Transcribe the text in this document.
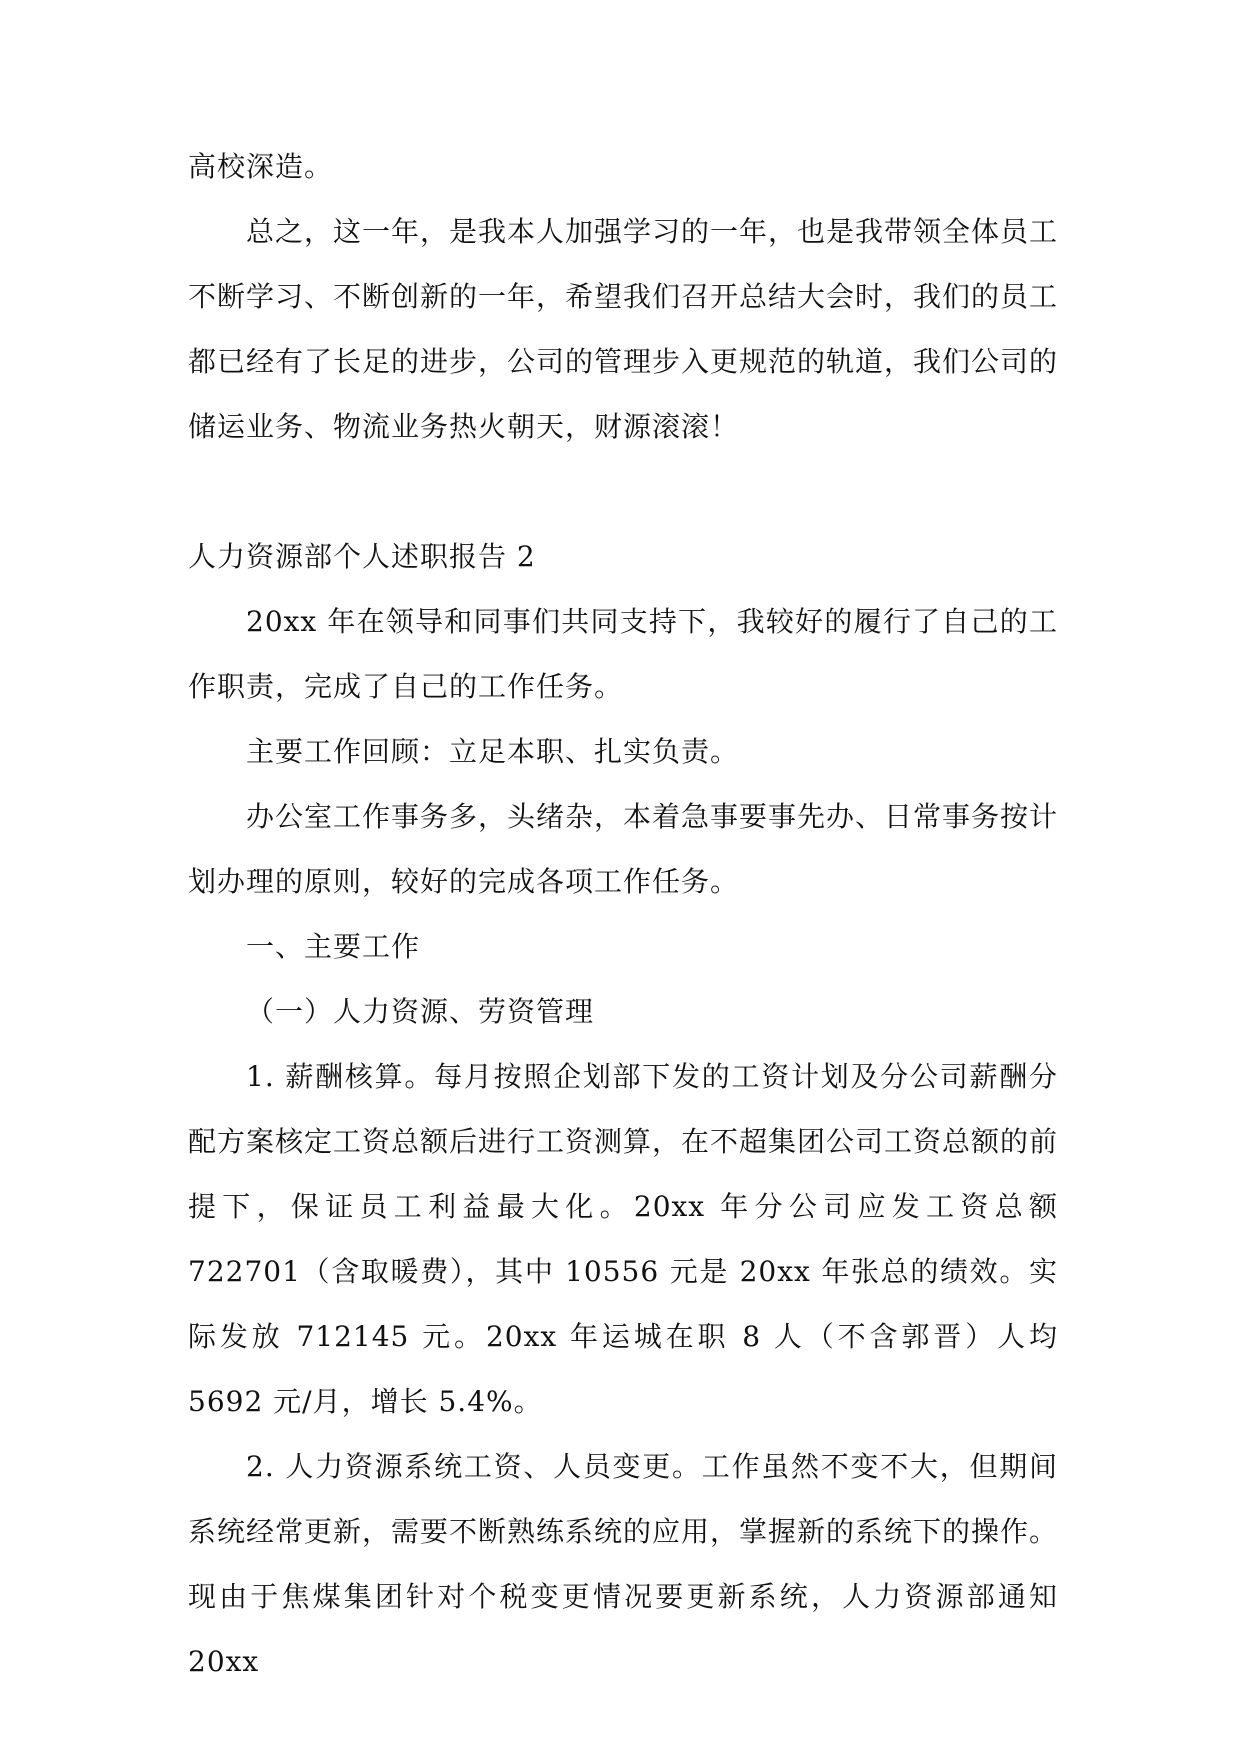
高校深造。

总之，这一年，是我本人加强学习的一年，也是我带领全体员工不断学习、不断创新的一年，希望我们召开总结大会时，我们的员工都已经有了长足的进步，公司的管理步入更规范的轨道，我们公司的储运业务、物流业务热火朝天，财源滚滚！

人力资源部个人述职报告 2

20xx 年在领导和同事们共同支持下，我较好的履行了自己的工作职责，完成了自己的工作任务。

主要工作回顾：立足本职、扎实负责。

办公室工作事务多，头绪杂，本着急事要事先办、日常事务按计划办理的原则，较好的完成各项工作任务。

一、主要工作

（一）人力资源、劳资管理

1. 薪酬核算。每月按照企划部下发的工资计划及分公司薪酬分配方案核定工资总额后进行工资测算，在不超集团公司工资总额的前提下，保证员工利益最大化。20xx 年分公司应发工资总额 722701（含取暖费），其中 10556 元是 20xx 年张总的绩效。实际发放 712145 元。20xx 年运城在职 8 人（不含郭晋）人均 5692 元/月，增长 5.4%。

2. 人力资源系统工资、人员变更。工作虽然不变不大，但期间系统经常更新，需要不断熟练系统的应用，掌握新的系统下的操作。现由于焦煤集团针对个税变更情况要更新系统，人力资源部通知 20xx
